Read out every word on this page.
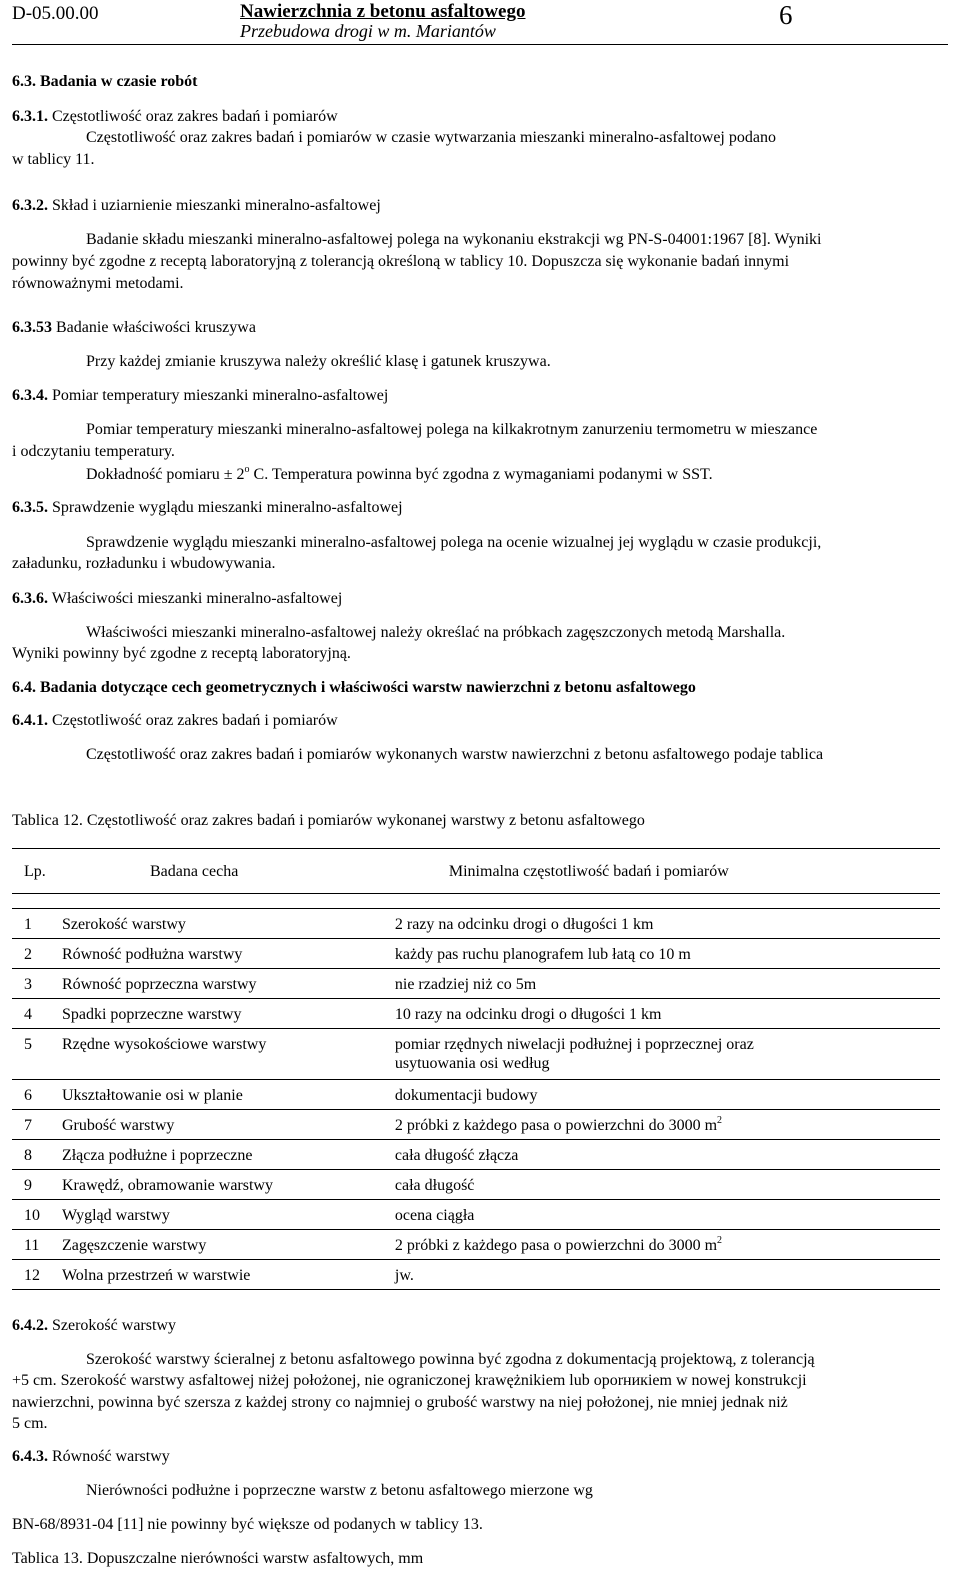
D-05.00.00	Nawierzchnia z betonu asfaltowego
Przebudowa drogi w m. Mariantów
6
6.3. Badania w czasie robót
6.3.1. Częstotliwość oraz zakres badań i pomiarów
Częstotliwość oraz zakres badań i pomiarów w czasie wytwarzania mieszanki mineralno-asfaltowej podano
w tablicy 11.
6.3.2. Skład i uziarnienie mieszanki mineralno-asfaltowej
Badanie składu mieszanki mineralno-asfaltowej polega na wykonaniu ekstrakcji wg PN-S-04001:1967 [8]. Wyniki
powinny być zgodne z receptą laboratoryjną z tolerancją określoną w tablicy 10. Dopuszcza się wykonanie badań innymi
równoważnymi metodami.
6.3.53 Badanie właściwości kruszywa
Przy każdej zmianie kruszywa należy określić klasę i gatunek kruszywa.
6.3.4. Pomiar temperatury mieszanki mineralno-asfaltowej
Pomiar temperatury mieszanki mineralno-asfaltowej polega na kilkakrotnym zanurzeniu termometru w mieszance
i odczytaniu temperatury.
Dokładność pomiaru ± $2^o$ C. Temperatura powinna być zgodna z wymaganiami podanymi w SST.
6.3.5. Sprawdzenie wyglądu mieszanki mineralno-asfaltowej
Sprawdzenie wyglądu mieszanki mineralno-asfaltowej polega na ocenie wizualnej jej wyglądu w czasie produkcji,
załadunku, rozładunku i wbudowywania.
6.3.6. Właściwości mieszanki mineralno-asfaltowej
Właściwości mieszanki mineralno-asfaltowej należy określać na próbkach zagęszczonych metodą Marshalla.
Wyniki powinny być zgodne z receptą laboratoryjną.
6.4. Badania dotyczące cech geometrycznych i właściwości warstw nawierzchni z betonu asfaltowego
6.4.1. Częstotliwość oraz zakres badań i pomiarów
Częstotliwość oraz zakres badań i pomiarów wykonanych warstw nawierzchni z betonu asfaltowego podaje tablica
Tablica 12. Częstotliwość oraz zakres badań i pomiarów wykonanej warstwy z betonu asfaltowego
Lp.	Badana cecha	Minimalna częstotliwość badań i pomiarów

1	Szerokość warstwy	2 razy na odcinku drogi o długości 1 km
2	Równość podłużna warstwy	każdy pas ruchu planografem lub łatą co 10 m
3	Równość poprzeczna warstwy	nie rzadziej niż co 5m
4	Spadki poprzeczne warstwy	10 razy na odcinku drogi o długości 1 km
5	Rzędne wysokościowe warstwy	pomiar rzędnych niwelacji podłużnej i poprzecznej oraz
usytuowania osi według
6	Ukształtowanie osi w planie	dokumentacji budowy
7	Grubość warstwy	2 próbki z każdego pasa o powierzchni do 3000 $m^2$
8	Złącza podłużne i poprzeczne	cała długość złącza
9	Krawędź, obramowanie warstwy	cała długość
10	Wygląd warstwy	ocena ciągła
11	Zagęszczenie warstwy	2 próbki z każdego pasa o powierzchni do 3000 $m^2$
12	Wolna przestrzeń w warstwie	jw.
6.4.2. Szerokość warstwy
Szerokość warstwy ścieralnej z betonu asfaltowego powinna być zgodna z dokumentacją projektową, z tolerancją
+5 cm. Szerokość warstwy asfaltowej niżej położonej, nie ograniczonej krawężnikiem lub oporникiem w nowej konstrukcji
nawierzchni, powinna być szersza z każdej strony co najmniej o grubość warstwy na niej położonej, nie mniej jednak niż
5 cm.
6.4.3. Równość warstwy
Nierówności podłużne i poprzeczne warstw z betonu asfaltowego mierzone wg
BN-68/8931-04 [11] nie powinny być większe od podanych w tablicy 13.
Tablica 13. Dopuszczalne nierówności warstw asfaltowych, mm
